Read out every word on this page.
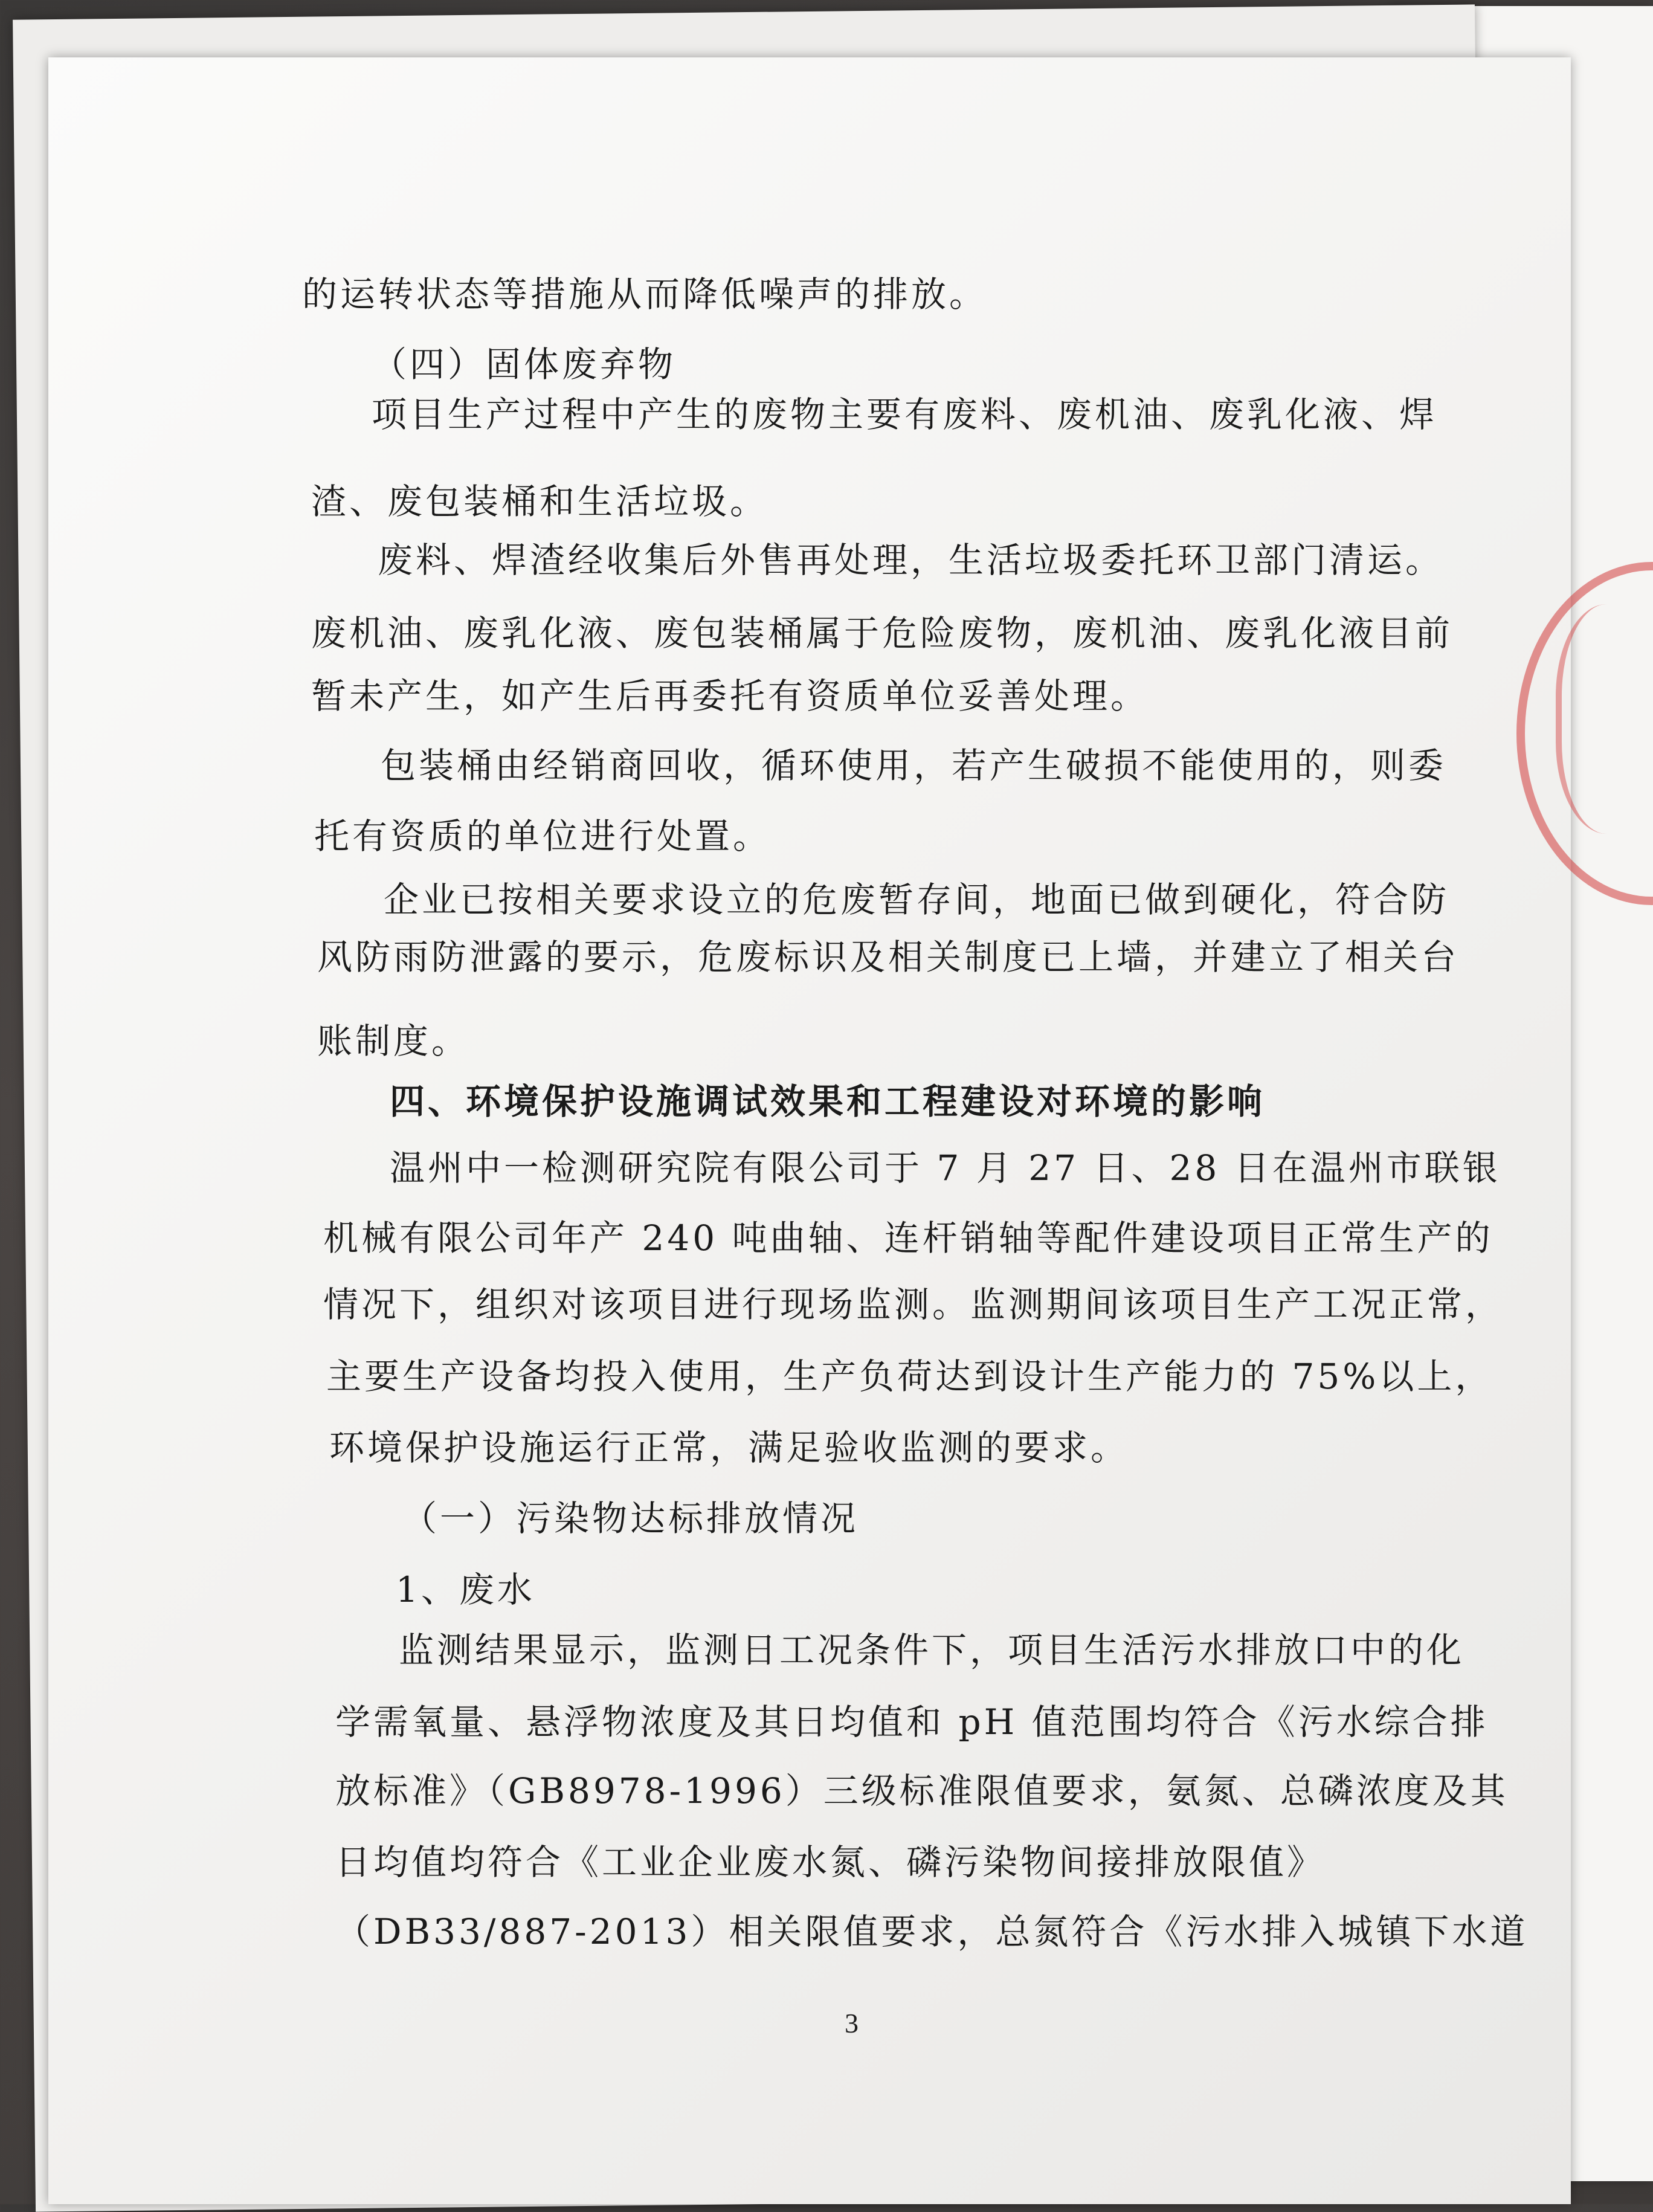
的运转状态等措施从而降低噪声的排放。
（四）固体废弃物
项目生产过程中产生的废物主要有废料、废机油、废乳化液、焊
渣、废包装桶和生活垃圾。
废料、焊渣经收集后外售再处理，生活垃圾委托环卫部门清运。
废机油、废乳化液、废包装桶属于危险废物，废机油、废乳化液目前
暂未产生，如产生后再委托有资质单位妥善处理。
包装桶由经销商回收，循环使用，若产生破损不能使用的，则委
托有资质的单位进行处置。
企业已按相关要求设立的危废暂存间，地面已做到硬化，符合防
风防雨防泄露的要示，危废标识及相关制度已上墙，并建立了相关台
账制度。
四、环境保护设施调试效果和工程建设对环境的影响
温州中一检测研究院有限公司于 7 月 27 日、28 日在温州市联银
机械有限公司年产 240 吨曲轴、连杆销轴等配件建设项目正常生产的
情况下，组织对该项目进行现场监测。监测期间该项目生产工况正常，
主要生产设备均投入使用，生产负荷达到设计生产能力的 75%以上，
环境保护设施运行正常，满足验收监测的要求。
（一）污染物达标排放情况
1、废水
监测结果显示，监测日工况条件下，项目生活污水排放口中的化
学需氧量、悬浮物浓度及其日均值和 pH 值范围均符合《污水综合排
放标准》（GB8978-1996）三级标准限值要求，氨氮、总磷浓度及其
日均值均符合《工业企业废水氮、磷污染物间接排放限值》
（DB33/887-2013）相关限值要求，总氮符合《污水排入城镇下水道
3
